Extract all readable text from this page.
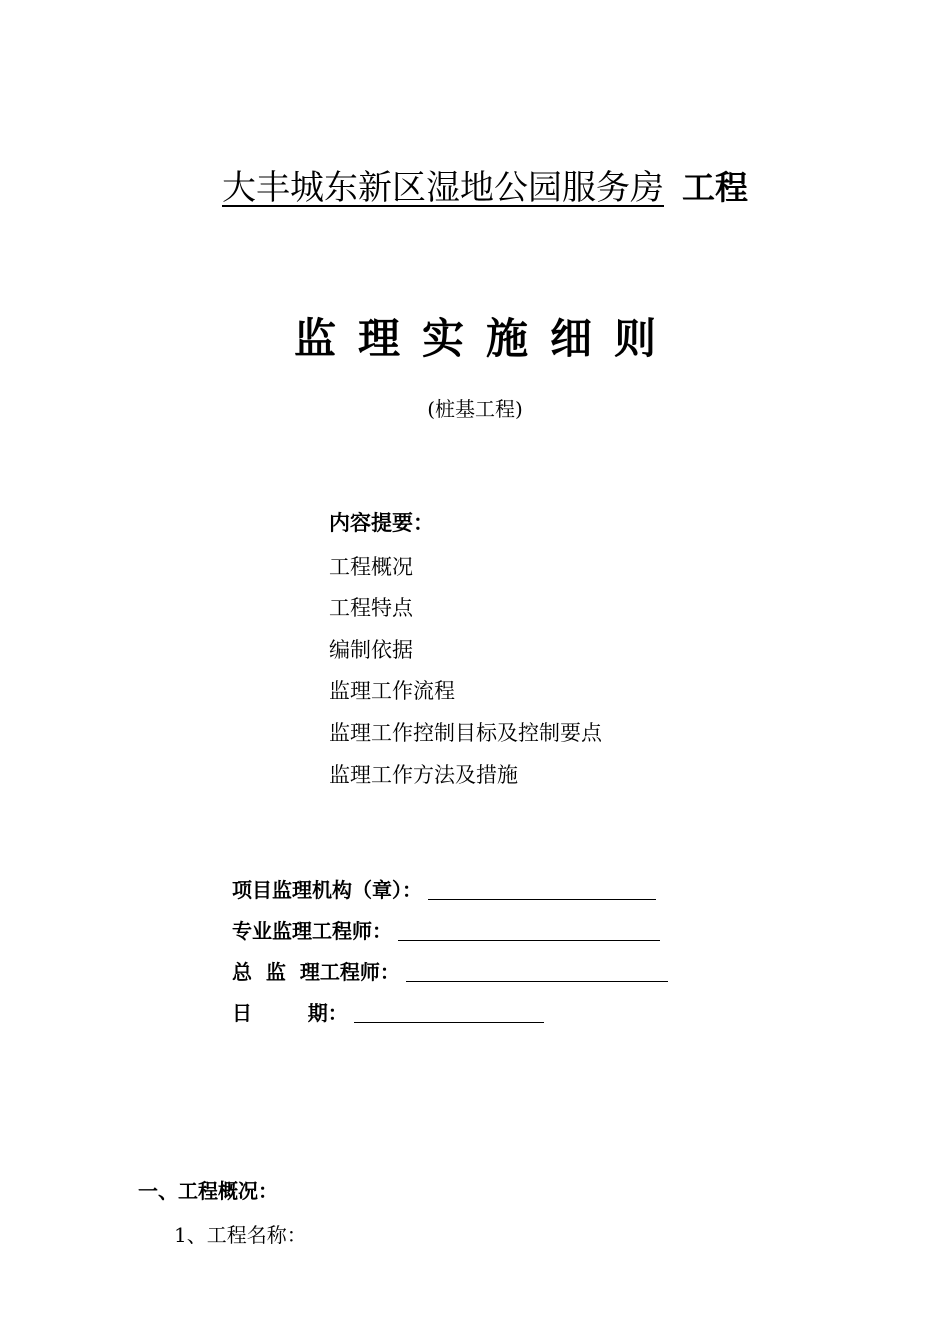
大丰城东新区湿地公园服务房 工程
监理实施细则
(桩基工程)
内容提要：
工程概况
工程特点
编制依据
监理工作流程
监理工作控制目标及控制要点
监理工作方法及措施
项目监理机构（章）：
专业监理工程师：
总  监  理工程师：
日        期：
一、工程概况：
1、工程名称：
